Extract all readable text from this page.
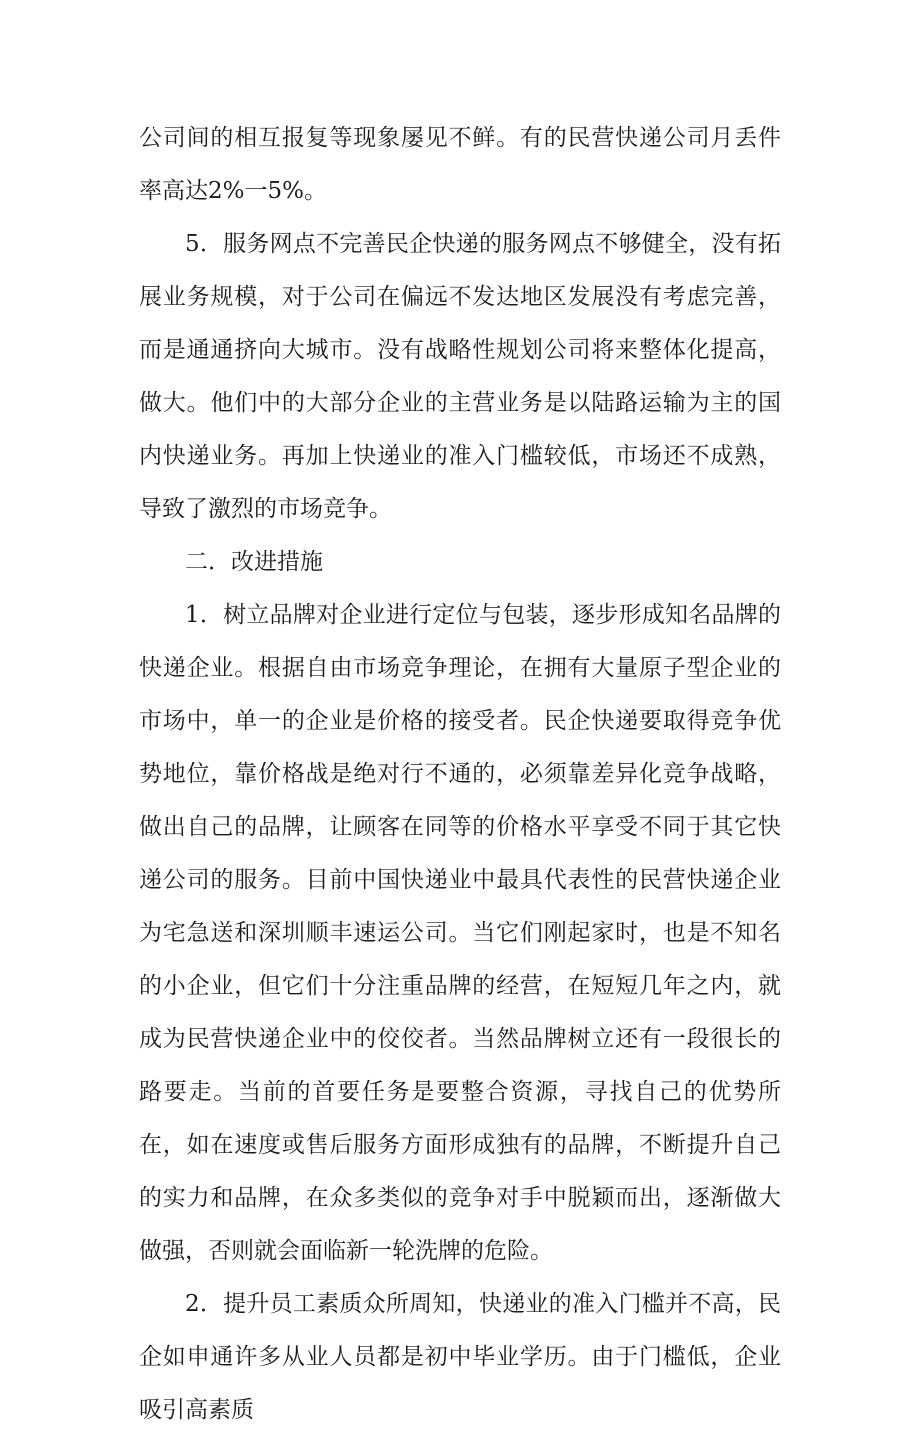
公司间的相互报复等现象屡见不鲜。有的民营快递公司月丢件率高达2%一5%。

5．服务网点不完善民企快递的服务网点不够健全，没有拓展业务规模，对于公司在偏远不发达地区发展没有考虑完善，而是通通挤向大城市。没有战略性规划公司将来整体化提高，做大。他们中的大部分企业的主营业务是以陆路运输为主的国内快递业务。再加上快递业的准入门槛较低，市场还不成熟，导致了激烈的市场竞争。

二．改进措施

1．树立品牌对企业进行定位与包装，逐步形成知名品牌的快递企业。根据自由市场竞争理论，在拥有大量原子型企业的市场中，单一的企业是价格的接受者。民企快递要取得竞争优势地位，靠价格战是绝对行不通的，必须靠差异化竞争战略，做出自己的品牌，让顾客在同等的价格水平享受不同于其它快递公司的服务。目前中国快递业中最具代表性的民营快递企业为宅急送和深圳顺丰速运公司。当它们刚起家时，也是不知名的小企业，但它们十分注重品牌的经营，在短短几年之内，就成为民营快递企业中的佼佼者。当然品牌树立还有一段很长的路要走。当前的首要任务是要整合资源，寻找自己的优势所在，如在速度或售后服务方面形成独有的品牌，不断提升自己的实力和品牌，在众多类似的竞争对手中脱颖而出，逐渐做大做强，否则就会面临新一轮洗牌的危险。

2．提升员工素质众所周知，快递业的准入门槛并不高，民企如申通许多从业人员都是初中毕业学历。由于门槛低，企业吸引高素质
